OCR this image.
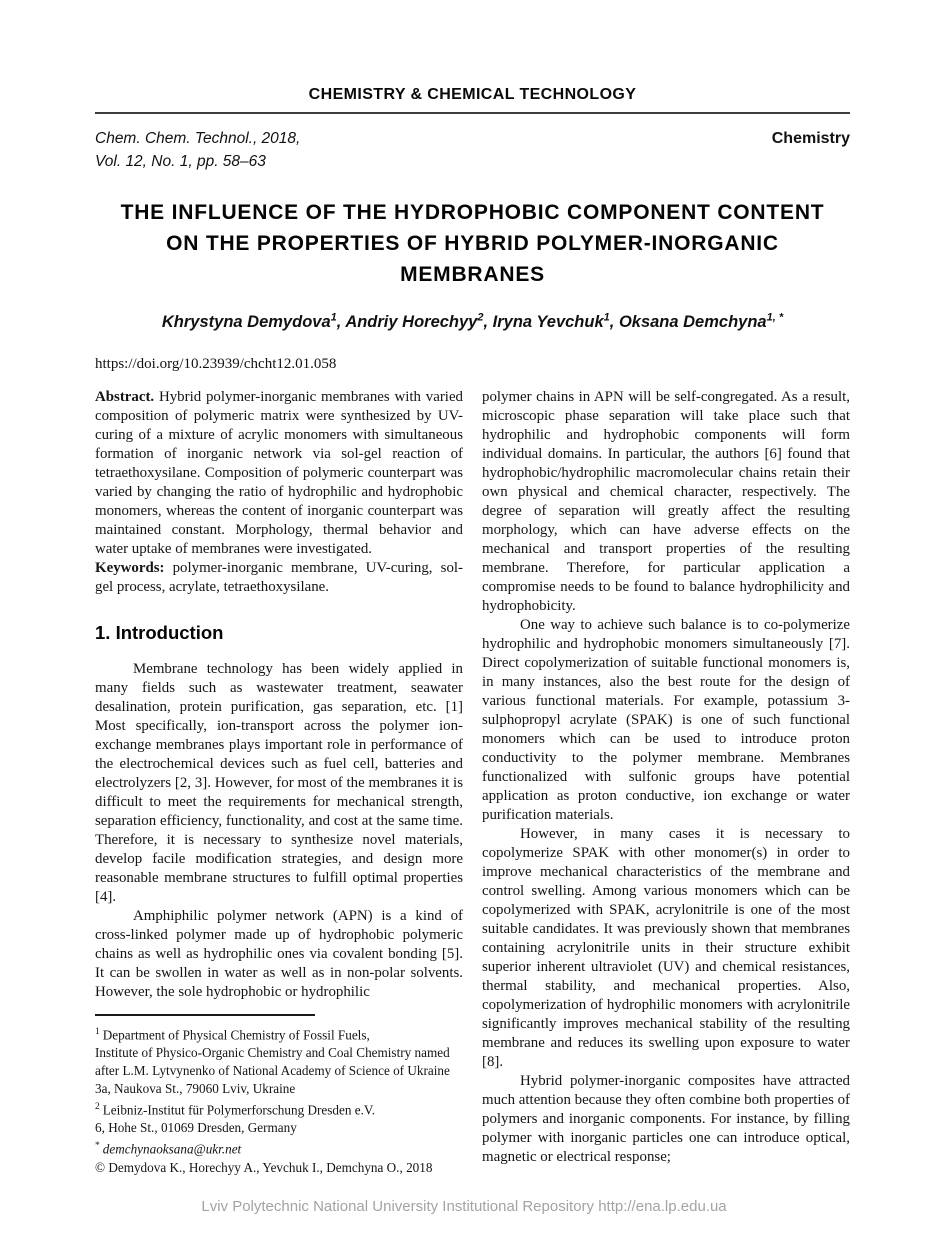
CHEMISTRY & CHEMICAL TECHNOLOGY
Chem. Chem. Technol., 2018,
Vol. 12, No. 1, pp. 58–63
Chemistry
THE INFLUENCE OF THE HYDROPHOBIC COMPONENT CONTENT
ON THE PROPERTIES OF HYBRID POLYMER-INORGANIC
MEMBRANES
Khrystyna Demydova$^1$, Andriy Horechyy$^2$, Iryna Yevchuk$^1$, Oksana Demchyna$^{1, *}$
https://doi.org/10.23939/chcht12.01.058

Abstract. Hybrid polymer-inorganic membranes with varied composition of polymeric matrix were synthesized by UV-curing of a mixture of acrylic monomers with simultaneous formation of inorganic network via sol-gel reaction of tetraethoxysilane. Composition of polymeric counterpart was varied by changing the ratio of hydrophilic and hydrophobic monomers, whereas the content of inorganic counterpart was maintained constant. Morphology, thermal behavior and water uptake of membranes were investigated.

Keywords: polymer-inorganic membrane, UV-curing, sol-gel process, acrylate, tetraethoxysilane.

1. Introduction

Membrane technology has been widely applied in many fields such as wastewater treatment, seawater desalination, protein purification, gas separation, etc. [1] Most specifically, ion-transport across the polymer ion-exchange membranes plays important role in performance of the electrochemical devices such as fuel cell, batteries and electrolyzers [2, 3]. However, for most of the membranes it is difficult to meet the requirements for mechanical strength, separation efficiency, functionality, and cost at the same time. Therefore, it is necessary to synthesize novel materials, develop facile modification strategies, and design more reasonable membrane structures to fulfill optimal properties [4].

Amphiphilic polymer network (APN) is a kind of cross-linked polymer made up of hydrophobic polymeric chains as well as hydrophilic ones via covalent bonding [5]. It can be swollen in water as well as in non-polar solvents. However, the sole hydrophobic or hydrophilic

$^1$ Department of Physical Chemistry of Fossil Fuels,
Institute of Physico-Organic Chemistry and Coal Chemistry named after L.M. Lytvynenko of National Academy of Science of Ukraine
3a, Naukova St., 79060 Lviv, Ukraine
$^2$ Leibniz-Institut für Polymerforschung Dresden e.V.
6, Hohe St., 01069 Dresden, Germany
* demchynaoksana@ukr.net
© Demydova K., Horechyy A., Yevchuk I., Demchyna O., 2018

polymer chains in APN will be self-congregated. As a result, microscopic phase separation will take place such that hydrophilic and hydrophobic components will form individual domains. In particular, the authors [6] found that hydrophobic/hydrophilic macromolecular chains retain their own physical and chemical character, respectively. The degree of separation will greatly affect the resulting morphology, which can have adverse effects on the mechanical and transport properties of the resulting membrane. Therefore, for particular application a compromise needs to be found to balance hydrophilicity and hydrophobicity.

One way to achieve such balance is to co-polymerize hydrophilic and hydrophobic monomers simultaneously [7]. Direct copolymerization of suitable functional monomers is, in many instances, also the best route for the design of various functional materials. For example, potassium 3-sulphopropyl acrylate (SPAK) is one of such functional monomers which can be used to introduce proton conductivity to the polymer membrane. Membranes functionalized with sulfonic groups have potential application as proton conductive, ion exchange or water purification materials.

However, in many cases it is necessary to copolymerize SPAK with other monomer(s) in order to improve mechanical characteristics of the membrane and control swelling. Among various monomers which can be copolymerized with SPAK, acrylonitrile is one of the most suitable candidates. It was previously shown that membranes containing acrylonitrile units in their structure exhibit superior inherent ultraviolet (UV) and chemical resistances, thermal stability, and mechanical properties. Also, copolymerization of hydrophilic monomers with acrylonitrile significantly improves mechanical stability of the resulting membrane and reduces its swelling upon exposure to water [8].

Hybrid polymer-inorganic composites have attracted much attention because they often combine both properties of polymers and inorganic components. For instance, by filling polymer with inorganic particles one can introduce optical, magnetic or electrical response;

Lviv Polytechnic National University Institutional Repository http://ena.lp.edu.ua
